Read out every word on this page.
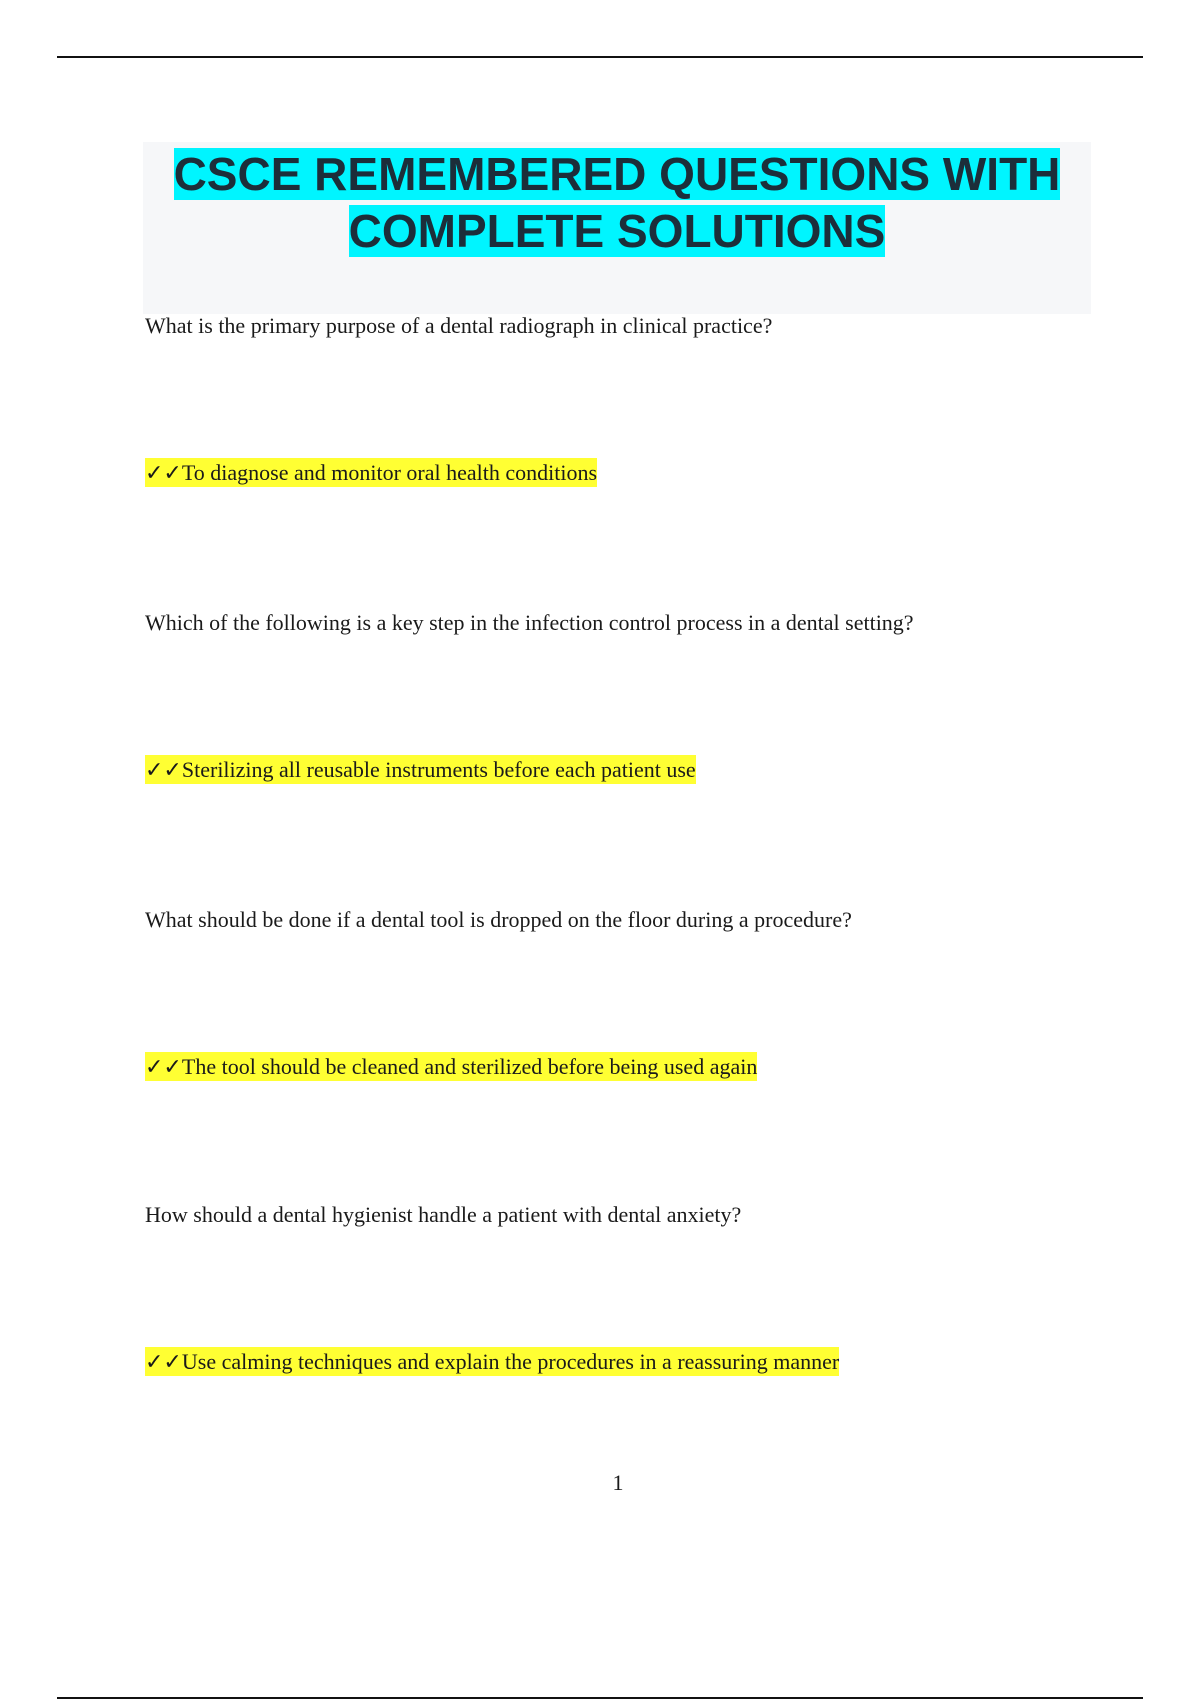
CSCE REMEMBERED QUESTIONS WITH
COMPLETE SOLUTIONS
What is the primary purpose of a dental radiograph in clinical practice?
✓✓To diagnose and monitor oral health conditions
Which of the following is a key step in the infection control process in a dental setting?
✓✓Sterilizing all reusable instruments before each patient use
What should be done if a dental tool is dropped on the floor during a procedure?
✓✓The tool should be cleaned and sterilized before being used again
How should a dental hygienist handle a patient with dental anxiety?
✓✓Use calming techniques and explain the procedures in a reassuring manner
1
